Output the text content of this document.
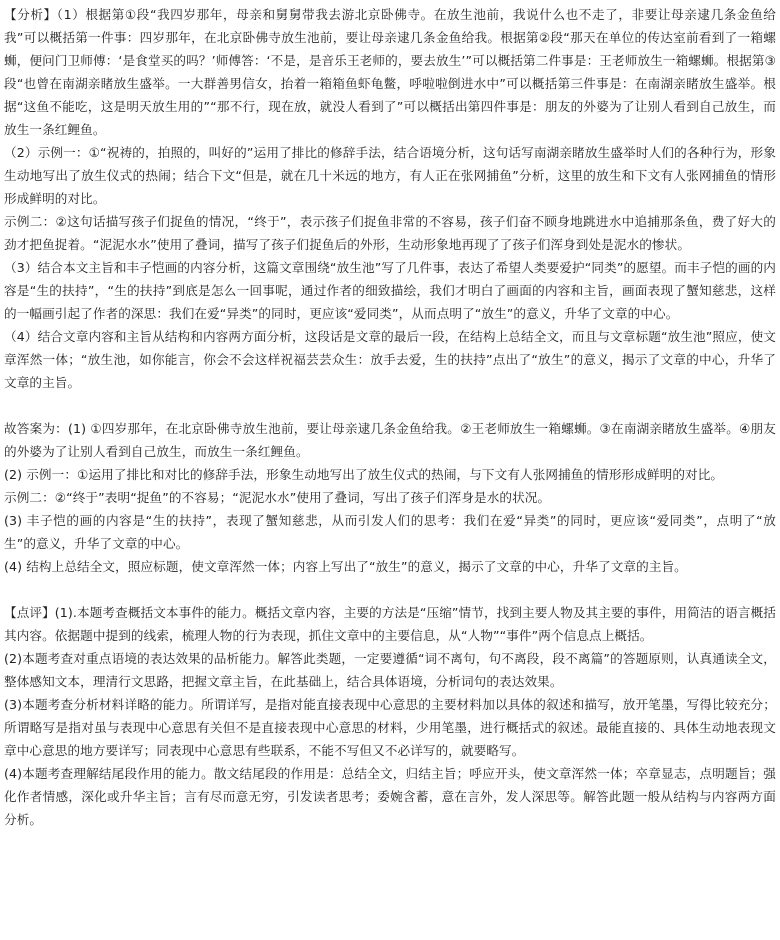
【分析】（1）根据第①段“我四岁那年，母亲和舅舅带我去游北京卧佛寺。在放生池前，我说什么也不走了，非要让母亲逮几条金鱼给我”可以概括第一件事：四岁那年，在北京卧佛寺放生池前，要让母亲逮几条金鱼给我。根据第②段“那天在单位的传达室前看到了一箱螺蛳，便问门卫师傅：‘是食堂买的吗？’师傅答：‘不是，是音乐王老师的，要去放生’”可以概括第二件事是：王老师放生一箱螺蛳。根据第③段“也曾在南湖亲睹放生盛举。一大群善男信女，抬着一箱箱鱼虾龟鳖，呼啦啦倒进水中”可以概括第三件事是：在南湖亲睹放生盛举。根据“这鱼不能吃，这是明天放生用的”“那不行，现在放，就没人看到了”可以概括出第四件事是：朋友的外婆为了让别人看到自己放生，而放生一条红鲤鱼。

（2）示例一：①“祝祷的，拍照的，叫好的”运用了排比的修辞手法，结合语境分析，这句话写南湖亲睹放生盛举时人们的各种行为，形象生动地写出了放生仪式的热闹；结合下文“但是，就在几十米远的地方，有人正在张网捕鱼”分析，这里的放生和下文有人张网捕鱼的情形形成鲜明的对比。

示例二：②这句话描写孩子们捉鱼的情况，“终于”，表示孩子们捉鱼非常的不容易，孩子们奋不顾身地跳进水中追捕那条鱼，费了好大的劲才把鱼捉着。“泥泥水水”使用了叠词，描写了孩子们捉鱼后的外形，生动形象地再现了了孩子们浑身到处是泥水的惨状。

（3）结合本文主旨和丰子恺画的内容分析，这篇文章围绕“放生池”写了几件事，表达了希望人类要爱护“同类”的愿望。而丰子恺的画的内容是“生的扶持”，“生的扶持”到底是怎么一回事呢，通过作者的细致描绘，我们才明白了画面的内容和主旨，画面表现了蟹知慈悲，这样的一幅画引起了作者的深思：我们在爱“异类”的同时，更应该“爱同类”，从而点明了“放生”的意义，升华了文章的中心。

（4）结合文章内容和主旨从结构和内容两方面分析，这段话是文章的最后一段，在结构上总结全文，而且与文章标题“放生池”照应，使文章浑然一体；“放生池，如你能言，你会不会这样祝福芸芸众生：放手去爱，生的扶持”点出了“放生”的意义，揭示了文章的中心，升华了文章的主旨。

故答案为：(1) ①四岁那年，在北京卧佛寺放生池前，要让母亲逮几条金鱼给我。②王老师放生一箱螺蛳。③在南湖亲睹放生盛举。④朋友的外婆为了让别人看到自己放生，而放生一条红鲤鱼。

(2) 示例一：①运用了排比和对比的修辞手法，形象生动地写出了放生仪式的热闹，与下文有人张网捕鱼的情形形成鲜明的对比。

示例二：②“终于”表明“捉鱼”的不容易；“泥泥水水”使用了叠词，写出了孩子们浑身是水的状况。

(3) 丰子恺的画的内容是“生的扶持”，表现了蟹知慈悲，从而引发人们的思考：我们在爱“异类”的同时，更应该“爱同类”，点明了“放生”的意义，升华了文章的中心。

(4) 结构上总结全文，照应标题，使文章浑然一体；内容上写出了“放生”的意义，揭示了文章的中心，升华了文章的主旨。

【点评】(1).本题考查概括文本事件的能力。概括文章内容，主要的方法是“压缩”情节，找到主要人物及其主要的事件，用简洁的语言概括其内容。依据题中提到的线索，梳理人物的行为表现，抓住文章中的主要信息，从“人物”“事件”两个信息点上概括。

(2)本题考查对重点语境的表达效果的品析能力。解答此类题，一定要遵循“词不离句，句不离段，段不离篇”的答题原则，认真通读全文，整体感知文本，理清行文思路，把握文章主旨，在此基础上，结合具体语境，分析词句的表达效果。

(3)本题考查分析材料详略的能力。所谓详写，是指对能直接表现中心意思的主要材料加以具体的叙述和描写，放开笔墨，写得比较充分；所谓略写是指对虽与表现中心意思有关但不是直接表现中心意思的材料，少用笔墨，进行概括式的叙述。最能直接的、具体生动地表现文章中心意思的地方要详写；同表现中心意思有些联系，不能不写但又不必详写的，就要略写。

(4)本题考查理解结尾段作用的能力。散文结尾段的作用是：总结全文，归结主旨；呼应开头，使文章浑然一体；卒章显志，点明题旨；强化作者情感，深化或升华主旨；言有尽而意无穷，引发读者思考；委婉含蓄，意在言外，发人深思等。解答此题一般从结构与内容两方面分析。
